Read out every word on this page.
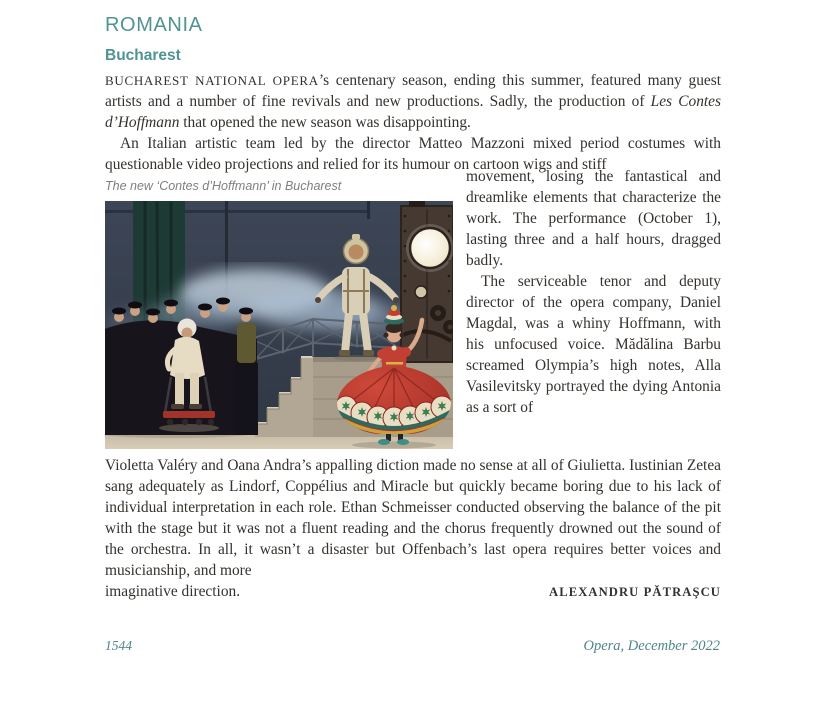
ROMANIA
Bucharest

BUCHAREST NATIONAL OPERA’s centenary season, ending this summer, featured many guest artists and a number of fine revivals and new productions. Sadly, the production of Les Contes d’Hoffmann that opened the new season was disappointing.

An Italian artistic team led by the director Matteo Mazzoni mixed period costumes with questionable video projections and relied for its humour on cartoon wigs and stiff

The new ‘Contes d’Hoffmann’ in Bucharest

movement, losing the fantastical and dreamlike elements that characterize the work. The performance (October 1), lasting three and a half hours, dragged badly.

The serviceable tenor and deputy director of the opera company, Daniel Magdal, was a whiny Hoffmann, with his unfocused voice. Mădălina Barbu screamed Olympia’s high notes, Alla Vasilevitsky portrayed the dying Antonia as a sort of

Violetta Valéry and Oana Andra’s appalling diction made no sense at all of Giulietta. Iustinian Zetea sang adequately as Lindorf, Coppélius and Miracle but quickly became boring due to his lack of individual interpretation in each role. Ethan Schmeisser conducted observing the balance of the pit with the stage but it was not a fluent reading and the chorus frequently drowned out the sound of the orchestra. In all, it wasn’t a disaster but Offenbach’s last opera requires better voices and musicianship, and more

imaginative direction.	ALEXANDRU PĂTRAŞCU
1544	Opera, December 2022
